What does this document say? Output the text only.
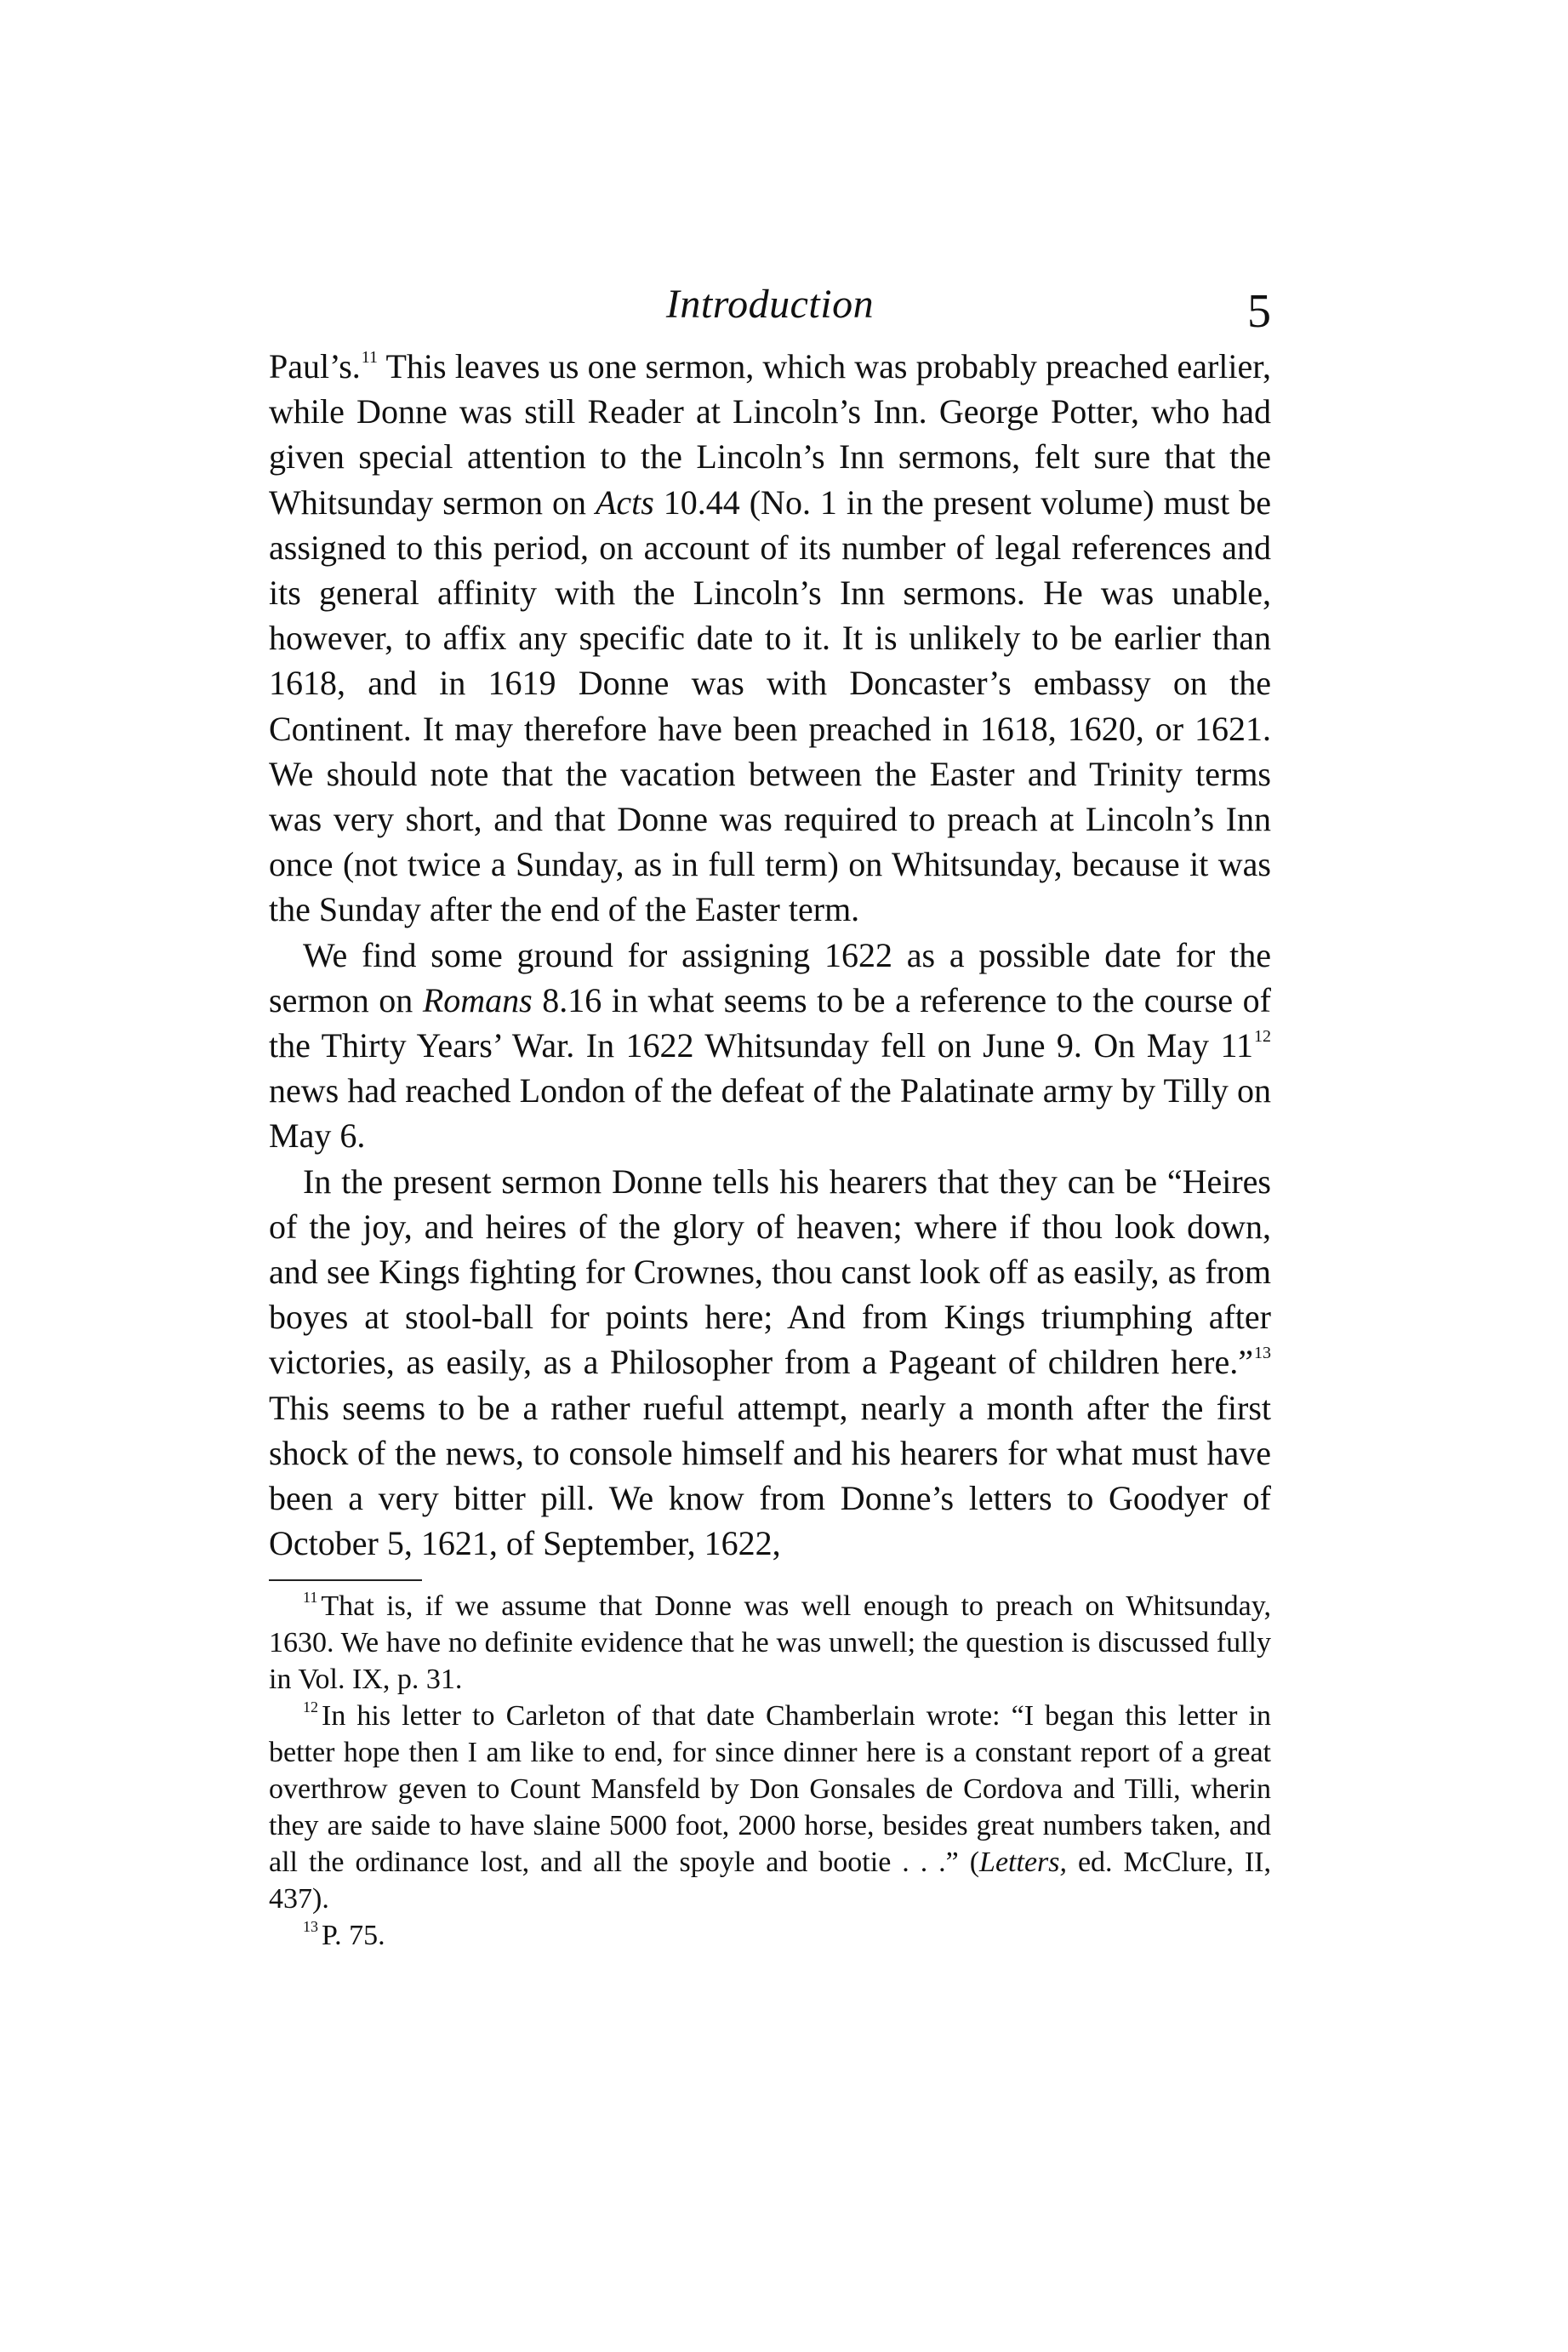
Introduction	5

Paul’s.$^{11}$ This leaves us one sermon, which was probably preached earlier, while Donne was still Reader at Lincoln’s Inn. George Potter, who had given special attention to the Lincoln’s Inn sermons, felt sure that the Whitsunday sermon on Acts 10.44 (No. 1 in the present volume) must be assigned to this period, on account of its number of legal references and its general affinity with the Lincoln’s Inn sermons. He was unable, however, to affix any specific date to it. It is unlikely to be earlier than 1618, and in 1619 Donne was with Doncaster’s embassy on the Continent. It may therefore have been preached in 1618, 1620, or 1621. We should note that the vacation between the Easter and Trinity terms was very short, and that Donne was required to preach at Lincoln’s Inn once (not twice a Sunday, as in full term) on Whitsunday, because it was the Sunday after the end of the Easter term.

We find some ground for assigning 1622 as a possible date for the sermon on Romans 8.16 in what seems to be a reference to the course of the Thirty Years’ War. In 1622 Whitsunday fell on June 9. On May 11$^{12}$ news had reached London of the defeat of the Palatinate army by Tilly on May 6.

In the present sermon Donne tells his hearers that they can be “Heires of the joy, and heires of the glory of heaven; where if thou look down, and see Kings fighting for Crownes, thou canst look off as easily, as from boyes at stool-ball for points here; And from Kings triumphing after victories, as easily, as a Philosopher from a Pageant of children here.”$^{13}$ This seems to be a rather rueful attempt, nearly a month after the first shock of the news, to console himself and his hearers for what must have been a very bitter pill. We know from Donne’s letters to Goodyer of October 5, 1621, of September, 1622,

$^{11}$ That is, if we assume that Donne was well enough to preach on Whitsunday, 1630. We have no definite evidence that he was unwell; the question is discussed fully in Vol. IX, p. 31.

$^{12}$ In his letter to Carleton of that date Chamberlain wrote: “I began this letter in better hope then I am like to end, for since dinner here is a constant report of a great overthrow geven to Count Mansfeld by Don Gonsales de Cordova and Tilli, wherin they are saide to have slaine 5000 foot, 2000 horse, besides great numbers taken, and all the ordinance lost, and all the spoyle and bootie . . .” (Letters, ed. McClure, II, 437).

$^{13}$ P. 75.
